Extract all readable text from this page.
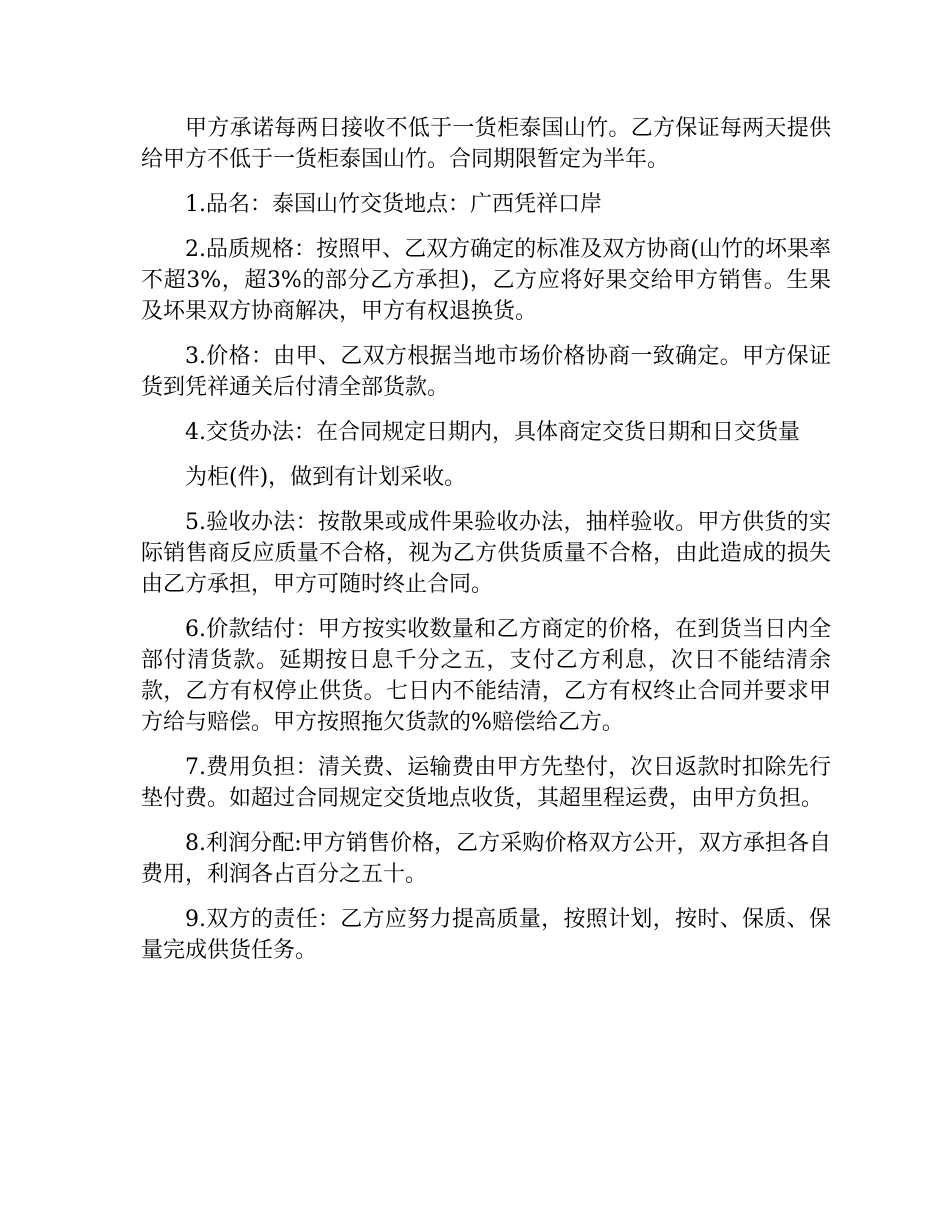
甲方承诺每两日接收不低于一货柜泰国山竹。乙方保证每两天提供给甲方不低于一货柜泰国山竹。合同期限暂定为半年。

1.品名：泰国山竹交货地点：广西凭祥口岸

2.品质规格：按照甲、乙双方确定的标准及双方协商(山竹的坏果率不超3%，超3%的部分乙方承担)，乙方应将好果交给甲方销售。生果及坏果双方协商解决，甲方有权退换货。

3.价格：由甲、乙双方根据当地市场价格协商一致确定。甲方保证货到凭祥通关后付清全部货款。

4.交货办法：在合同规定日期内，具体商定交货日期和日交货量

为柜(件)，做到有计划采收。

5.验收办法：按散果或成件果验收办法，抽样验收。甲方供货的实际销售商反应质量不合格，视为乙方供货质量不合格，由此造成的损失由乙方承担，甲方可随时终止合同。

6.价款结付：甲方按实收数量和乙方商定的价格，在到货当日内全部付清货款。延期按日息千分之五，支付乙方利息，次日不能结清余款，乙方有权停止供货。七日内不能结清，乙方有权终止合同并要求甲方给与赔偿。甲方按照拖欠货款的%赔偿给乙方。

7.费用负担：清关费、运输费由甲方先垫付，次日返款时扣除先行垫付费。如超过合同规定交货地点收货，其超里程运费，由甲方负担。

8.利润分配:甲方销售价格，乙方采购价格双方公开，双方承担各自费用，利润各占百分之五十。

9.双方的责任：乙方应努力提高质量，按照计划，按时、保质、保量完成供货任务。
